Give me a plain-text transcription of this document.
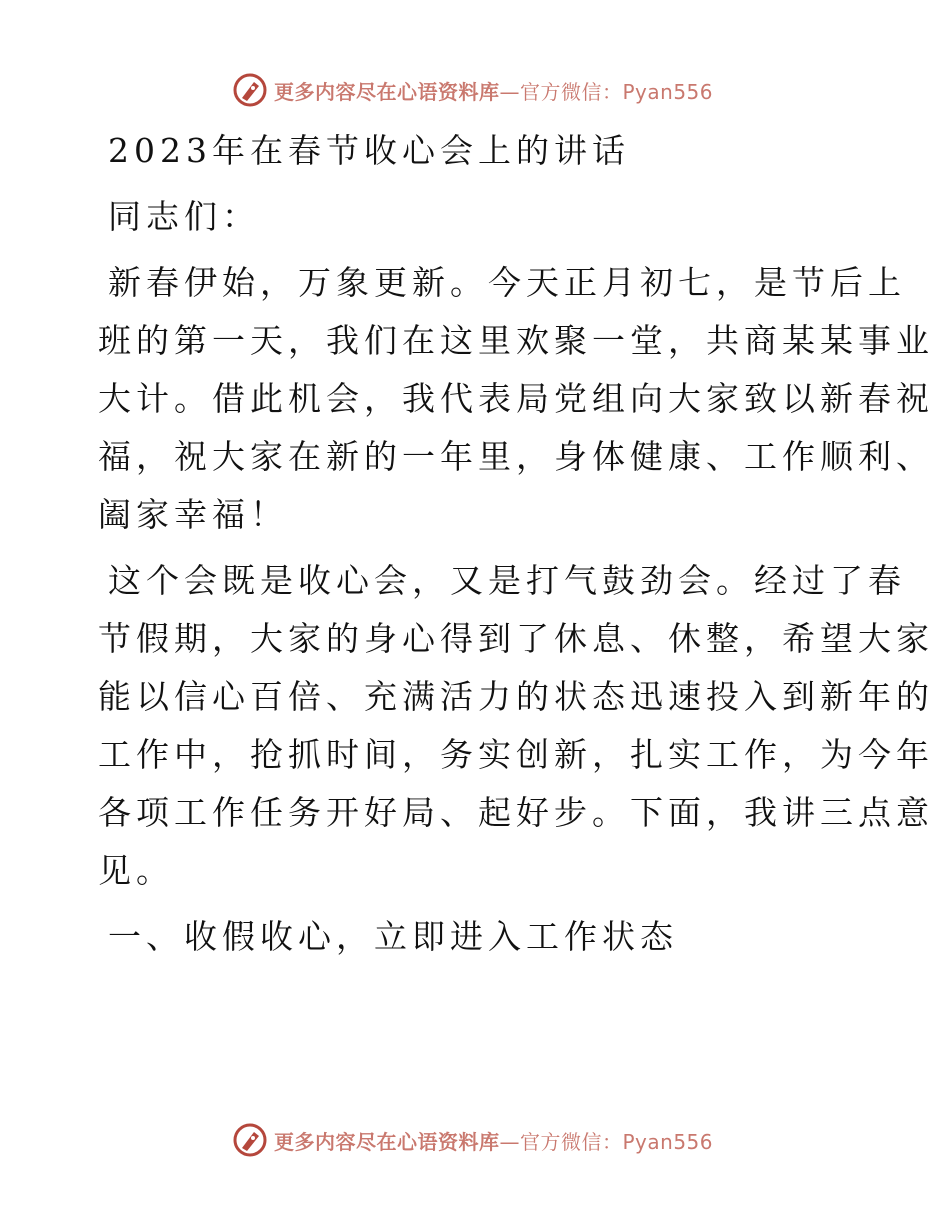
更多内容尽在心语资料库—官方微信：Pyan556

2023年在春节收心会上的讲话

同志们：

新春伊始，万象更新。今天正月初七，是节后上

班的第一天，我们在这里欢聚一堂，共商某某事业

大计。借此机会，我代表局党组向大家致以新春祝

福，祝大家在新的一年里，身体健康、工作顺利、

阖家幸福！

这个会既是收心会，又是打气鼓劲会。经过了春

节假期，大家的身心得到了休息、休整，希望大家

能以信心百倍、充满活力的状态迅速投入到新年的

工作中，抢抓时间，务实创新，扎实工作，为今年

各项工作任务开好局、起好步。下面，我讲三点意

见。

一、收假收心，立即进入工作状态

更多内容尽在心语资料库—官方微信：Pyan556
